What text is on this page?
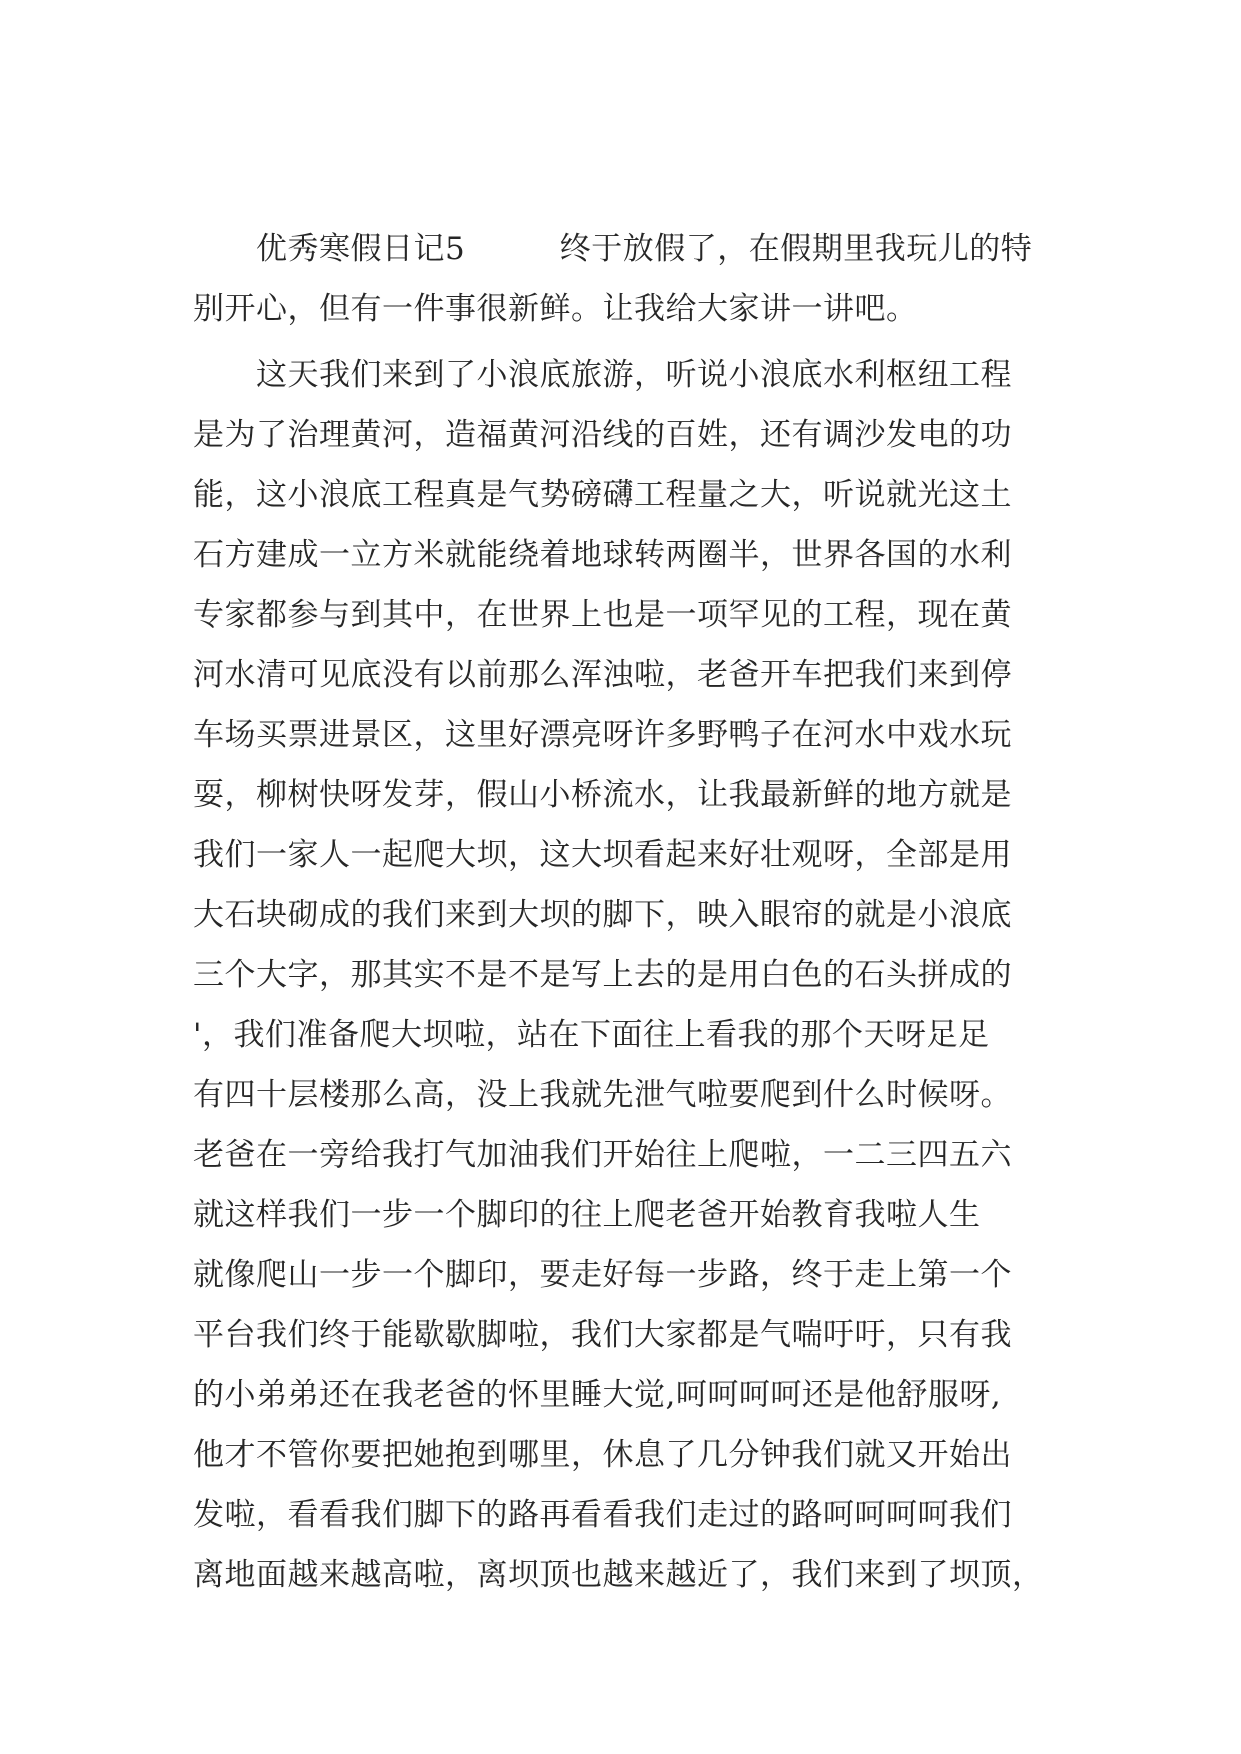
　　优秀寒假日记5　　　终于放假了，在假期里我玩儿的特
别开心，但有一件事很新鲜。让我给大家讲一讲吧。
　　这天我们来到了小浪底旅游，听说小浪底水利枢纽工程
是为了治理黄河，造福黄河沿线的百姓，还有调沙发电的功
能，这小浪底工程真是气势磅礴工程量之大，听说就光这土
石方建成一立方米就能绕着地球转两圈半，世界各国的水利
专家都参与到其中，在世界上也是一项罕见的工程，现在黄
河水清可见底没有以前那么浑浊啦，老爸开车把我们来到停
车场买票进景区，这里好漂亮呀许多野鸭子在河水中戏水玩
耍，柳树快呀发芽，假山小桥流水，让我最新鲜的地方就是
我们一家人一起爬大坝，这大坝看起来好壮观呀，全部是用
大石块砌成的我们来到大坝的脚下，映入眼帘的就是小浪底
三个大字，那其实不是不是写上去的是用白色的石头拼成的
'，我们准备爬大坝啦，站在下面往上看我的那个天呀足足
有四十层楼那么高，没上我就先泄气啦要爬到什么时候呀。
老爸在一旁给我打气加油我们开始往上爬啦，一二三四五六
就这样我们一步一个脚印的往上爬老爸开始教育我啦人生
就像爬山一步一个脚印，要走好每一步路，终于走上第一个
平台我们终于能歇歇脚啦，我们大家都是气喘吁吁，只有我
的小弟弟还在我老爸的怀里睡大觉,呵呵呵呵还是他舒服呀,
他才不管你要把她抱到哪里，休息了几分钟我们就又开始出
发啦，看看我们脚下的路再看看我们走过的路呵呵呵呵我们
离地面越来越高啦，离坝顶也越来越近了，我们来到了坝顶，
